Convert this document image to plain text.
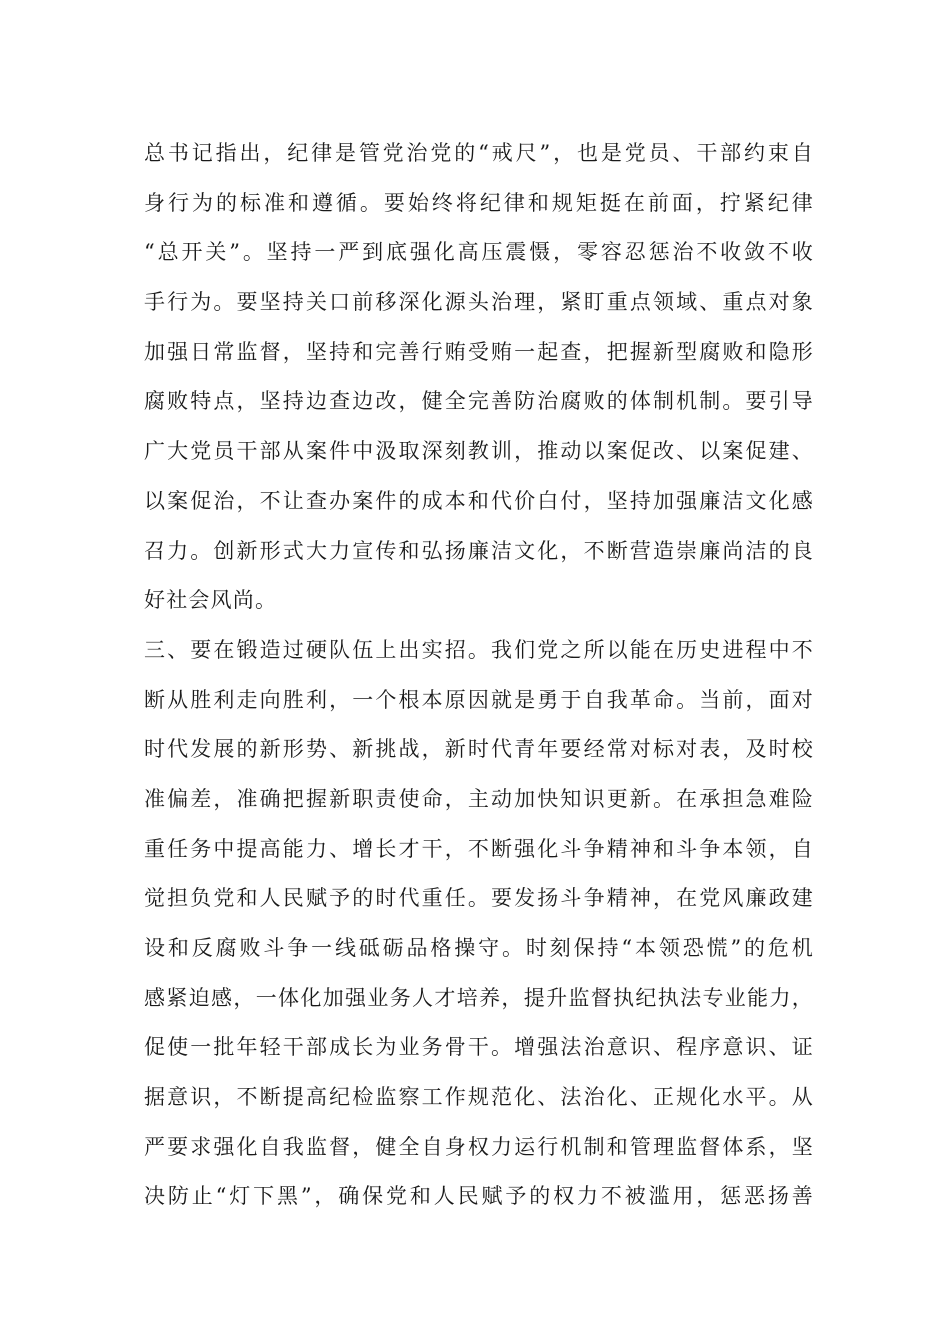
总书记指出，纪律是管党治党的“戒尺”，也是党员、干部约束自
身行为的标准和遵循。要始终将纪律和规矩挺在前面，拧紧纪律
“总开关”。坚持一严到底强化高压震慑，零容忍惩治不收敛不收
手行为。要坚持关口前移深化源头治理，紧盯重点领域、重点对象
加强日常监督，坚持和完善行贿受贿一起查，把握新型腐败和隐形
腐败特点，坚持边查边改，健全完善防治腐败的体制机制。要引导
广大党员干部从案件中汲取深刻教训，推动以案促改、以案促建、
以案促治，不让查办案件的成本和代价白付，坚持加强廉洁文化感
召力。创新形式大力宣传和弘扬廉洁文化，不断营造崇廉尚洁的良
好社会风尚。
三、要在锻造过硬队伍上出实招。我们党之所以能在历史进程中不
断从胜利走向胜利，一个根本原因就是勇于自我革命。当前，面对
时代发展的新形势、新挑战，新时代青年要经常对标对表，及时校
准偏差，准确把握新职责使命，主动加快知识更新。在承担急难险
重任务中提高能力、增长才干，不断强化斗争精神和斗争本领，自
觉担负党和人民赋予的时代重任。要发扬斗争精神，在党风廉政建
设和反腐败斗争一线砥砺品格操守。时刻保持“本领恐慌”的危机
感紧迫感，一体化加强业务人才培养，提升监督执纪执法专业能力，
促使一批年轻干部成长为业务骨干。增强法治意识、程序意识、证
据意识，不断提高纪检监察工作规范化、法治化、正规化水平。从
严要求强化自我监督，健全自身权力运行机制和管理监督体系，坚
决防止“灯下黑”，确保党和人民赋予的权力不被滥用，惩恶扬善
